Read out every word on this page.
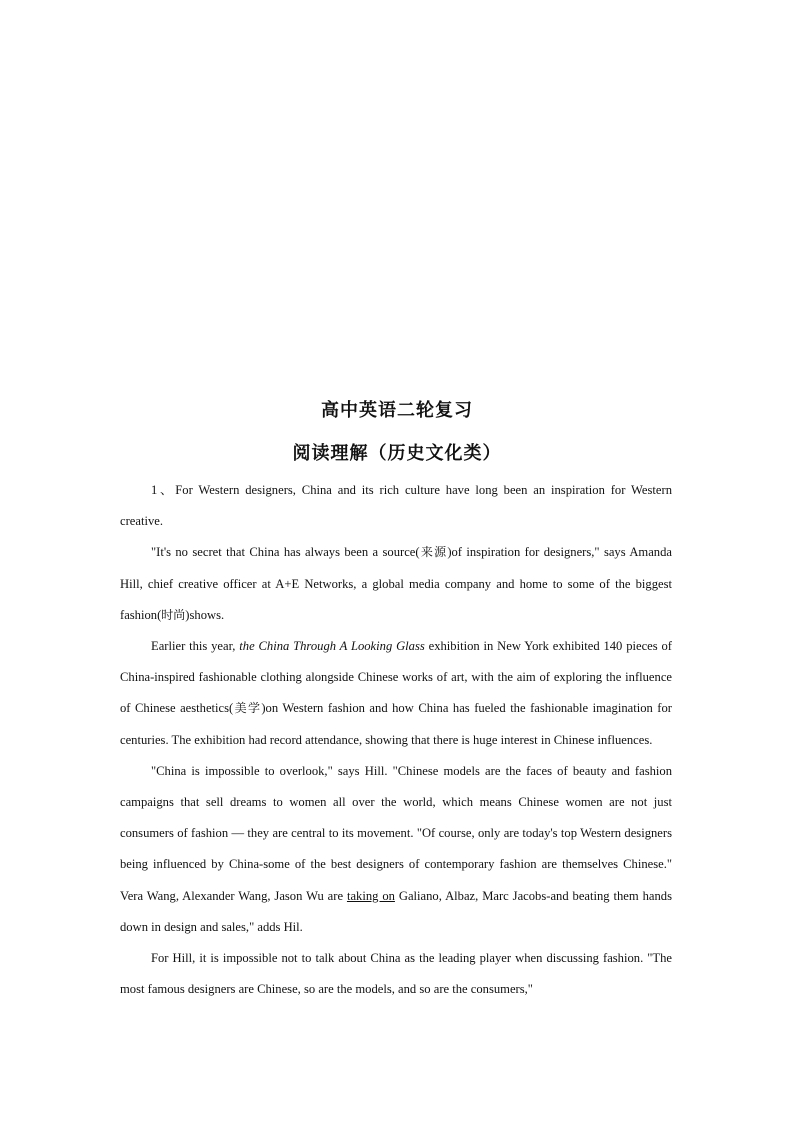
高中英语二轮复习
阅读理解（历史文化类）

1、For Western designers, China and its rich culture have long been an inspiration for Western creative.

"It's no secret that China has always been a source(来源)of inspiration for designers," says Amanda Hill, chief creative officer at A+E Networks, a global media company and home to some of the biggest fashion(时尚)shows.

Earlier this year, the China Through A Looking Glass exhibition in New York exhibited 140 pieces of China-inspired fashionable clothing alongside Chinese works of art, with the aim of exploring the influence of Chinese aesthetics(美学)on Western fashion and how China has fueled the fashionable imagination for centuries. The exhibition had record attendance, showing that there is huge interest in Chinese influences.

"China is impossible to overlook," says Hill. "Chinese models are the faces of beauty and fashion campaigns that sell dreams to women all over the world, which means Chinese women are not just consumers of fashion — they are central to its movement. "Of course, only are today's top Western designers being influenced by China-some of the best designers of contemporary fashion are themselves Chinese." Vera Wang, Alexander Wang, Jason Wu are taking on Galiano, Albaz, Marc Jacobs-and beating them hands down in design and sales," adds Hil.

For Hill, it is impossible not to talk about China as the leading player when discussing fashion. "The most famous designers are Chinese, so are the models, and so are the consumers,"
